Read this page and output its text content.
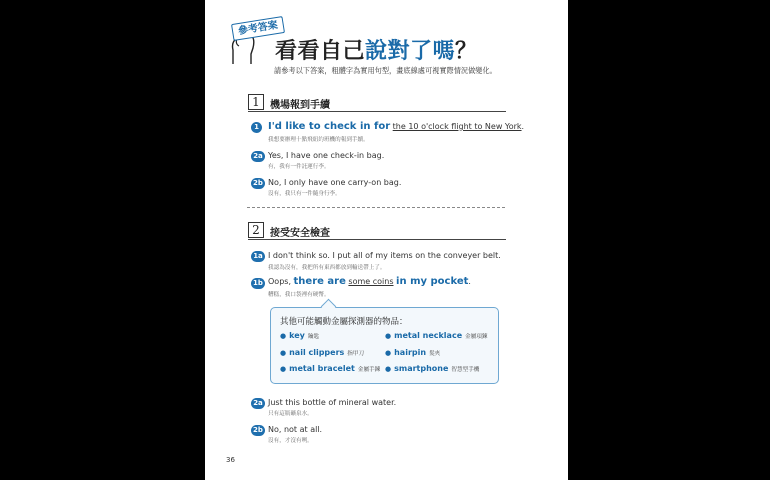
參考答案
看看自己說對了嗎？
請參考以下答案，粗體字為實用句型，畫底線處可視實際情況做變化。
1	機場報到手續
1 I'd like to check in for the 10 o'clock flight to New York.
我想要辦理十點飛紐約班機的報到手續。
2a Yes, I have one check-in bag.
有，我有一件託運行李。
2b No, I only have one carry-on bag.
沒有，我只有一件隨身行李。
2	接受安全檢查
1a I don't think so. I put all of my items on the conveyer belt.
我認為沒有，我把所有東西都放到輸送帶上了。
1b Oops, there are some coins in my pocket.
糟糕，我口袋裡有硬幣。
其他可能觸動金屬探測器的物品：
● key 鑰匙	● metal necklace 金屬項鍊
● nail clippers 指甲刀	● hairpin 髮夾
● metal bracelet 金屬手鍊 ● smartphone 智慧型手機
2a Just this bottle of mineral water.
只有這瓶礦泉水。
2b No, not at all.
沒有，才沒有咧。
36
